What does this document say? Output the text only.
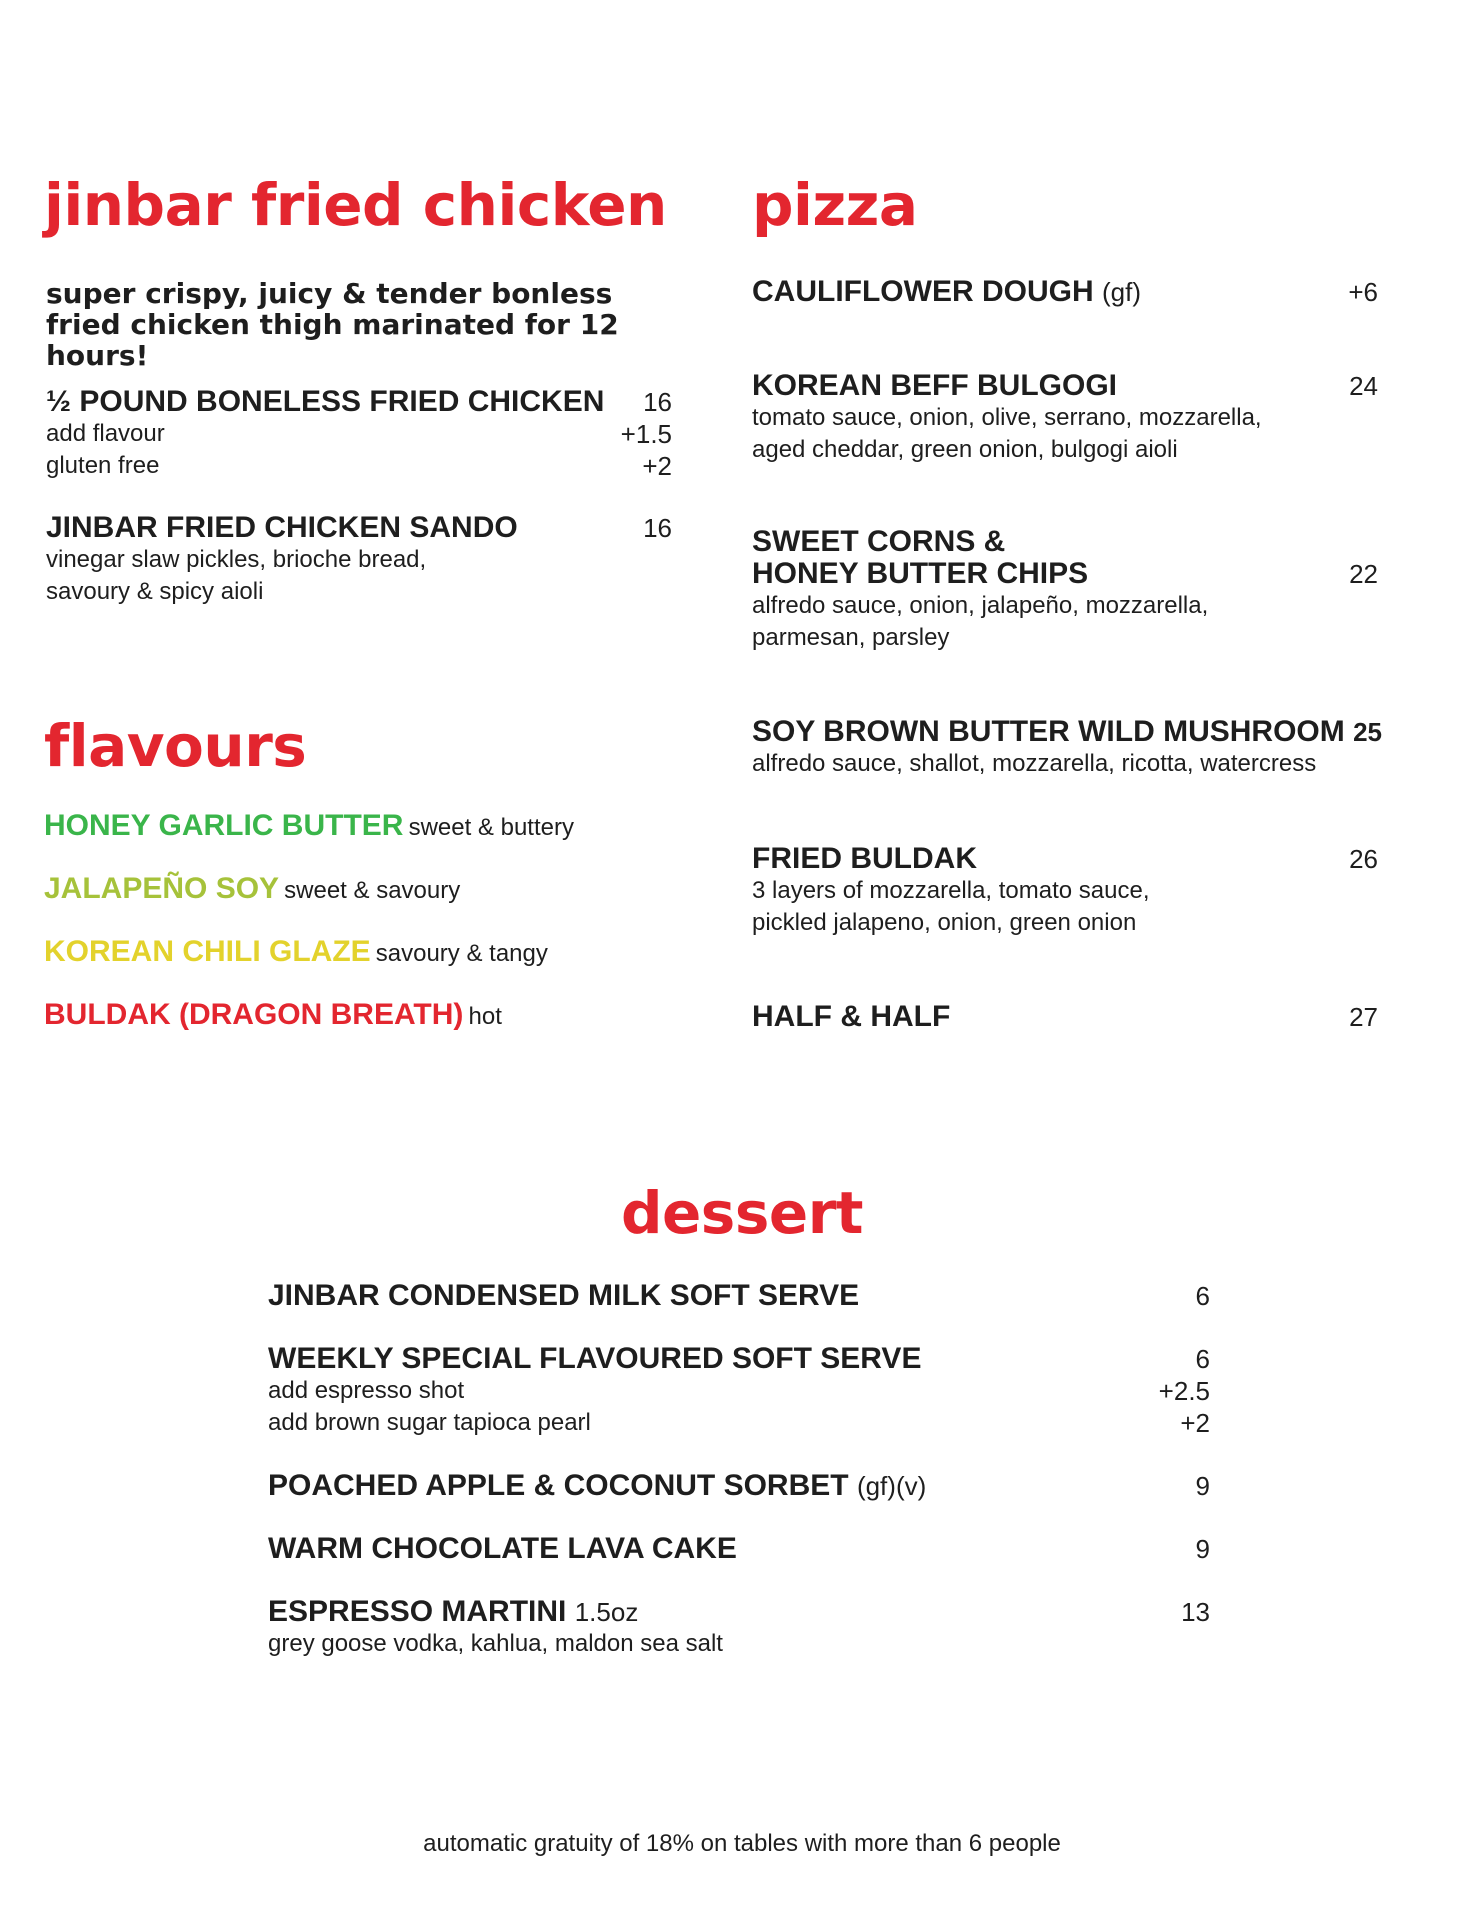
jinbar fried chicken
super crispy, juicy & tender bonless fried chicken thigh marinated for 12 hours!
½ POUND BONELESS FRIED CHICKEN	16
add flavour	+1.5
gluten free	+2
JINBAR FRIED CHICKEN SANDO	16
vinegar slaw pickles, brioche bread,
savoury & spicy aioli
flavours
HONEY GARLIC BUTTER sweet & buttery
JALAPEÑO SOY sweet & savoury
KOREAN CHILI GLAZE savoury & tangy
BULDAK (DRAGON BREATH) hot
pizza
CAULIFLOWER DOUGH (gf)	+6
KOREAN BEFF BULGOGI	24
tomato sauce, onion, olive, serrano, mozzarella,
aged cheddar, green onion, bulgogi aioli
SWEET CORNS &
HONEY BUTTER CHIPS	22
alfredo sauce, onion, jalapeño, mozzarella,
parmesan, parsley
SOY BROWN BUTTER WILD MUSHROOM 25
alfredo sauce, shallot, mozzarella, ricotta, watercress
FRIED BULDAK	26
3 layers of mozzarella, tomato sauce,
pickled jalapeno, onion, green onion
HALF & HALF	27
dessert
JINBAR CONDENSED MILK SOFT SERVE	6
WEEKLY SPECIAL FLAVOURED SOFT SERVE	6
add espresso shot	+2.5
add brown sugar tapioca pearl	+2
POACHED APPLE & COCONUT SORBET (gf)(v)	9
WARM CHOCOLATE LAVA CAKE	9
ESPRESSO MARTINI 1.5oz	13
grey goose vodka, kahlua, maldon sea salt
automatic gratuity of 18% on tables with more than 6 people
